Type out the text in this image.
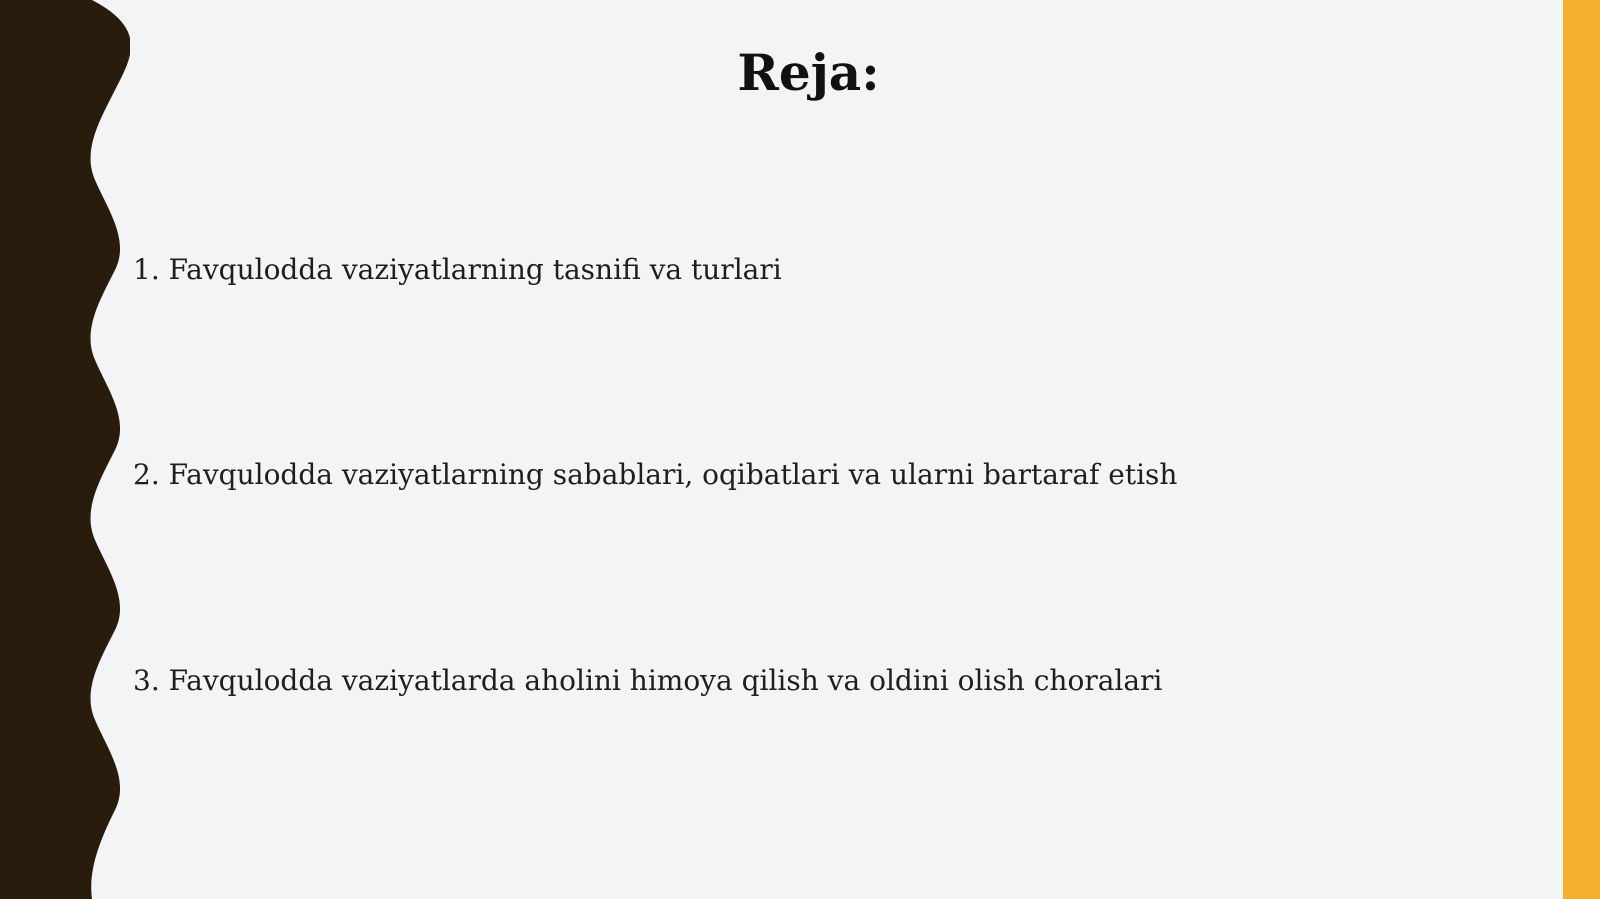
Reja:
1. Favqulodda vaziyatlarning tasnifi va turlari
2. Favqulodda vaziyatlarning sabablari, oqibatlari va ularni bartaraf etish
3. Favqulodda vaziyatlarda aholini himoya qilish va oldini olish choralari
